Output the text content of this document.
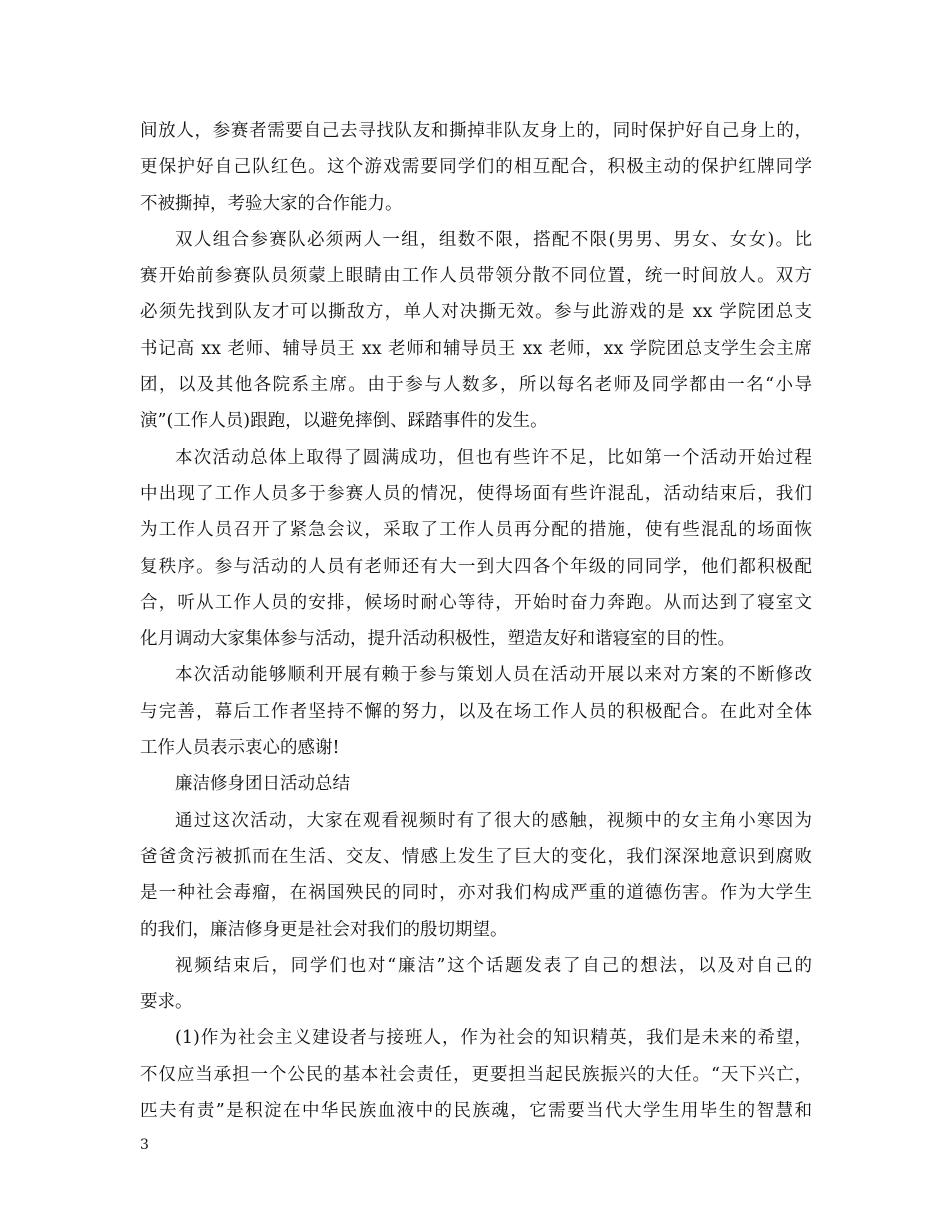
间放人，参赛者需要自己去寻找队友和撕掉非队友身上的，同时保护好自己身上的，
更保护好自己队红色。这个游戏需要同学们的相互配合，积极主动的保护红牌同学
不被撕掉，考验大家的合作能力。
双人组合参赛队必须两人一组，组数不限，搭配不限(男男、男女、女女)。比
赛开始前参赛队员须蒙上眼睛由工作人员带领分散不同位置，统一时间放人。双方
必须先找到队友才可以撕敌方，单人对决撕无效。参与此游戏的是 xx 学院团总支
书记高 xx 老师、辅导员王 xx 老师和辅导员王 xx 老师，xx 学院团总支学生会主席
团，以及其他各院系主席。由于参与人数多，所以每名老师及同学都由一名“小导
演”(工作人员)跟跑，以避免摔倒、踩踏事件的发生。
本次活动总体上取得了圆满成功，但也有些许不足，比如第一个活动开始过程
中出现了工作人员多于参赛人员的情况，使得场面有些许混乱，活动结束后，我们
为工作人员召开了紧急会议，采取了工作人员再分配的措施，使有些混乱的场面恢
复秩序。参与活动的人员有老师还有大一到大四各个年级的同同学，他们都积极配
合，听从工作人员的安排，候场时耐心等待，开始时奋力奔跑。从而达到了寝室文
化月调动大家集体参与活动，提升活动积极性，塑造友好和谐寝室的目的性。
本次活动能够顺利开展有赖于参与策划人员在活动开展以来对方案的不断修改
与完善，幕后工作者坚持不懈的努力，以及在场工作人员的积极配合。在此对全体
工作人员表示衷心的感谢!
廉洁修身团日活动总结
通过这次活动，大家在观看视频时有了很大的感触，视频中的女主角小寒因为
爸爸贪污被抓而在生活、交友、情感上发生了巨大的变化，我们深深地意识到腐败
是一种社会毒瘤，在祸国殃民的同时，亦对我们构成严重的道德伤害。作为大学生
的我们，廉洁修身更是社会对我们的殷切期望。
视频结束后，同学们也对“廉洁”这个话题发表了自己的想法，以及对自己的
要求。
(1)作为社会主义建设者与接班人，作为社会的知识精英，我们是未来的希望，
不仅应当承担一个公民的基本社会责任，更要担当起民族振兴的大任。“天下兴亡，
匹夫有责”是积淀在中华民族血液中的民族魂，它需要当代大学生用毕生的智慧和
3
